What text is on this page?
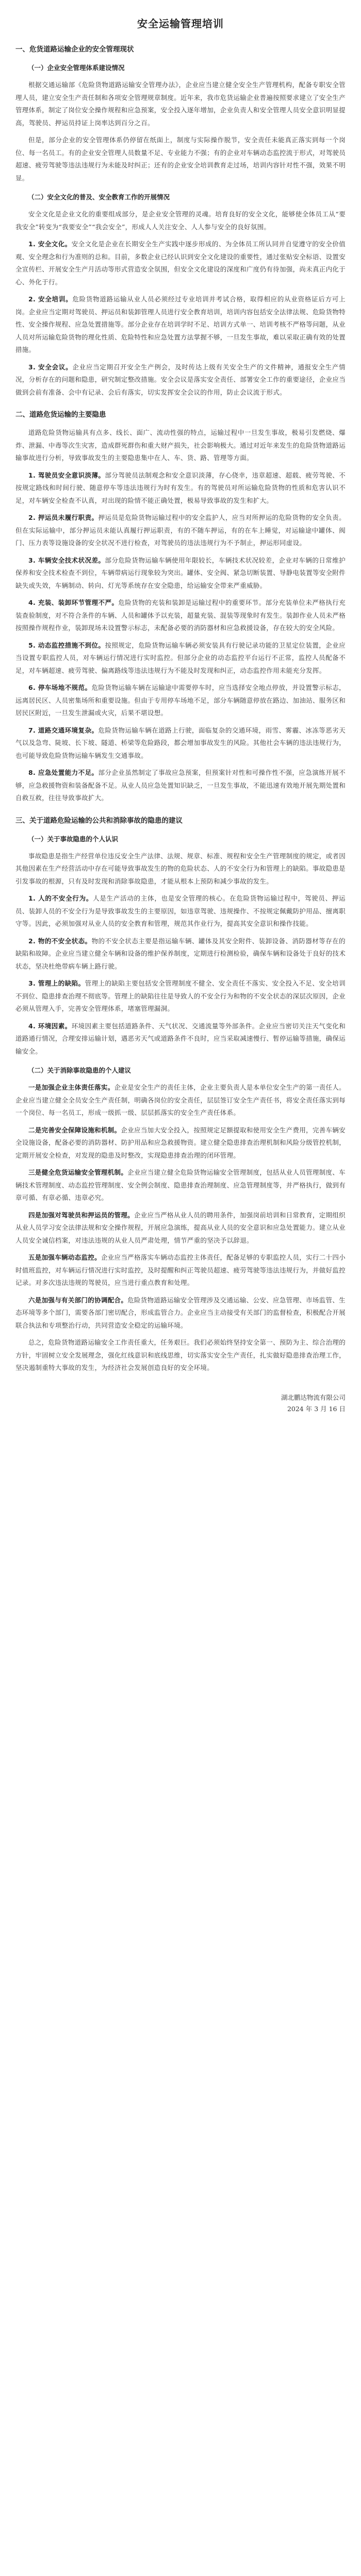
安全运输管理培训
一、危货道路运输企业的安全管理现状
（一）企业安全管理体系建设情况
根据交通运输部《危险货物道路运输安全管理办法》，企业应当建立健全安全生产管理机构，配备专职安全管理人员，建立安全生产责任制和各项安全管理规章制度。近年来，我市危货运输企业普遍按照要求建立了安全生产管理体系，制定了岗位安全操作规程和应急预案，安全投入逐年增加，企业负责人和安全管理人员安全意识明显提高，驾驶员、押运员持证上岗率达到百分之百。
但是，部分企业的安全管理体系仍停留在纸面上，制度与实际操作脱节，安全责任未能真正落实到每一个岗位、每一名员工。有的企业安全管理人员数量不足、专业能力不强；有的企业对车辆动态监控流于形式，对驾驶员超速、疲劳驾驶等违法违规行为未能及时纠正；还有的企业安全培训教育走过场，培训内容针对性不强，效果不明显。
（二）安全文化的普及、安全教育工作的开展情况
安全文化是企业文化的重要组成部分，是企业安全管理的灵魂。培育良好的安全文化，能够使全体员工从“要我安全”转变为“我要安全”“我会安全”，形成人人关注安全、人人参与安全的良好氛围。
1. 安全文化。安全文化是企业在长期安全生产实践中逐步形成的、为全体员工所认同并自觉遵守的安全价值观、安全理念和行为准则的总和。目前，多数企业已经认识到安全文化建设的重要性，通过张贴安全标语、设置安全宣传栏、开展安全生产月活动等形式营造安全氛围，但安全文化建设的深度和广度仍有待加强，尚未真正内化于心、外化于行。
2. 安全培训。危险货物道路运输从业人员必须经过专业培训并考试合格，取得相应的从业资格证后方可上岗。企业应当定期对驾驶员、押运员和装卸管理人员进行安全教育培训，培训内容包括安全法律法规、危险货物特性、安全操作规程、应急处置措施等。部分企业存在培训学时不足、培训方式单一、培训考核不严格等问题，从业人员对所运输危险货物的理化性质、危险特性和应急处置方法掌握不够，一旦发生事故，难以采取正确有效的处置措施。
3. 安全会议。企业应当定期召开安全生产例会，及时传达上级有关安全生产的文件精神，通报安全生产情况，分析存在的问题和隐患，研究制定整改措施。安全会议是落实安全责任、部署安全工作的重要途径，企业应当做到会前有准备、会中有记录、会后有落实，切实发挥安全会议的作用，防止会议流于形式。
二、道路危货运输的主要隐患
道路危险货物运输具有点多、线长、面广、流动性强的特点，运输过程中一旦发生事故，极易引发燃烧、爆炸、泄漏、中毒等次生灾害，造成群死群伤和重大财产损失，社会影响极大。通过对近年来发生的危险货物道路运输事故进行分析，导致事故发生的主要隐患集中在人、车、货、路、管理等方面。
1. 驾驶员安全意识淡薄。部分驾驶员法制观念和安全意识淡薄，存心侥幸，违章超速、超载、疲劳驾驶、不按规定路线和时间行驶、随意停车等违法违规行为时有发生。有的驾驶员对所运输危险货物的性质和危害认识不足，对车辆安全检查不认真，对出现的险情不能正确处置，极易导致事故的发生和扩大。
2. 押运员未履行职责。押运员是危险货物运输过程中的安全监护人，应当对所押运的危险货物的安全负责。但在实际运输中，部分押运员未能认真履行押运职责，有的不随车押运，有的在车上睡觉，对运输途中罐体、阀门、压力表等设施设备的安全状况不进行检查，对驾驶员的违法违规行为不予制止，押运形同虚设。
3. 车辆安全技术状况差。部分危险货物运输车辆使用年限较长，车辆技术状况较差，企业对车辆的日常维护保养和安全技术检查不到位，车辆带病运行现象较为突出。罐体、安全阀、紧急切断装置、导静电装置等安全附件缺失或失效，车辆制动、转向、灯光等系统存在安全隐患，给运输安全带来严重威胁。
4. 充装、装卸环节管理不严。危险货物的充装和装卸是运输过程中的重要环节。部分充装单位未严格执行充装查验制度，对不符合条件的车辆、人员和罐体予以充装，超量充装、混装等现象时有发生。装卸作业人员未严格按照操作规程作业，装卸现场未设置警示标志，未配备必要的消防器材和应急救援设备，存在较大的安全风险。
5. 动态监控措施不到位。按照规定，危险货物运输车辆必须安装具有行驶记录功能的卫星定位装置，企业应当设置专职监控人员，对车辆运行情况进行实时监控。但部分企业的动态监控平台运行不正常，监控人员配备不足，对车辆超速、疲劳驾驶、偏离路线等违法违规行为不能及时发现和纠正，动态监控作用未能充分发挥。
6. 停车场地不规范。危险货物运输车辆在运输途中需要停车时，应当选择安全地点停放，并设置警示标志，远离居民区、人员密集场所和重要设施。但由于专用停车场地不足，部分车辆随意停放在路边、加油站、服务区和居民区附近，一旦发生泄漏或火灾，后果不堪设想。
7. 道路交通环境复杂。危险货物运输车辆在道路上行驶，面临复杂的交通环境，雨雪、雾霾、冰冻等恶劣天气以及急弯、陡坡、长下坡、隧道、桥梁等危险路段，都会增加事故发生的风险。其他社会车辆的违法违规行为，也可能导致危险货物运输车辆发生交通事故。
8. 应急处置能力不足。部分企业虽然制定了事故应急预案，但预案针对性和可操作性不强，应急演练开展不够，应急救援物资和装备配备不足。从业人员应急处置知识缺乏，一旦发生事故，不能迅速有效地开展先期处置和自救互救，往往导致事故扩大。
三、关于道路危险运输的公共和消除事故的隐患的建议
（一）关于事故隐患的个人认识
事故隐患是指生产经营单位违反安全生产法律、法规、规章、标准、规程和安全生产管理制度的规定，或者因其他因素在生产经营活动中存在可能导致事故发生的物的危险状态、人的不安全行为和管理上的缺陷。事故隐患是引发事故的根源，只有及时发现和消除事故隐患，才能从根本上预防和减少事故的发生。
1. 人的不安全行为。人是生产活动的主体，也是安全管理的核心。在危险货物运输过程中，驾驶员、押运员、装卸人员的不安全行为是导致事故发生的主要原因，如违章驾驶、违规操作、不按规定佩戴防护用品、擅离职守等。因此，必须加强对从业人员的安全教育和管理，规范其作业行为，提高其安全意识和操作技能。
2. 物的不安全状态。物的不安全状态主要是指运输车辆、罐体及其安全附件、装卸设备、消防器材等存在的缺陷和故障。企业应当建立健全车辆和设备的维护保养制度，定期进行检测检验，确保车辆和设备处于良好的技术状态，坚决杜绝带病车辆上路行驶。
3. 管理上的缺陷。管理上的缺陷主要包括安全管理制度不健全、安全责任不落实、安全投入不足、安全培训不到位、隐患排查治理不彻底等。管理上的缺陷往往是导致人的不安全行为和物的不安全状态的深层次原因，企业必须从管理入手，完善安全管理体系，堵塞管理漏洞。
4. 环境因素。环境因素主要包括道路条件、天气状况、交通流量等外部条件。企业应当密切关注天气变化和道路通行情况，合理安排运输计划，遇恶劣天气或道路条件不良时，应当采取减速慢行、暂停运输等措施，确保运输安全。
（二）关于消除事故隐患的个人建议
一是加强企业主体责任落实。企业是安全生产的责任主体，企业主要负责人是本单位安全生产的第一责任人。企业应当建立健全全员安全生产责任制，明确各岗位的安全责任，层层签订安全生产责任书，将安全责任落实到每一个岗位、每一名员工，形成一级抓一级、层层抓落实的安全生产责任体系。
二是完善安全保障设施和机制。企业应当加大安全投入，按照规定足额提取和使用安全生产费用，完善车辆安全设施设备，配备必要的消防器材、防护用品和应急救援物资。建立健全隐患排查治理机制和风险分级管控机制，定期开展安全检查，对发现的隐患及时整改，实现隐患排查治理的闭环管理。
三是健全危货运输安全管理机制。企业应当建立健全危险货物运输安全管理制度，包括从业人员管理制度、车辆技术管理制度、动态监控管理制度、安全例会制度、隐患排查治理制度、应急管理制度等，并严格执行，做到有章可循、有章必循、违章必究。
四是加强对驾驶员和押运员的管理。企业应当严格从业人员的聘用条件，加强岗前培训和日常教育，定期组织从业人员学习安全法律法规和安全操作规程，开展应急演练，提高从业人员的安全意识和应急处置能力。建立从业人员安全诚信档案，对违法违规的从业人员严肃处理，情节严重的坚决予以辞退。
五是加强车辆动态监控。企业应当严格落实车辆动态监控主体责任，配备足够的专职监控人员，实行二十四小时值班监控，对车辆运行情况进行实时监控，及时提醒和纠正驾驶员超速、疲劳驾驶等违法违规行为，并做好监控记录。对多次违法违规的驾驶员，应当进行重点教育和处理。
六是加强与有关部门的协调配合。危险货物道路运输安全管理涉及交通运输、公安、应急管理、市场监管、生态环境等多个部门，需要各部门密切配合，形成监管合力。企业应当主动接受有关部门的监督检查，积极配合开展联合执法和专项整治行动，共同营造安全稳定的运输环境。
总之，危险货物道路运输安全工作责任重大，任务艰巨。我们必须始终坚持安全第一、预防为主、综合治理的方针，牢固树立安全发展理念，强化红线意识和底线思维，切实落实安全生产责任，扎实做好隐患排查治理工作，坚决遏制重特大事故的发生，为经济社会发展创造良好的安全环境。
湖北鹏达物流有限公司
2024 年 3 月 16 日
